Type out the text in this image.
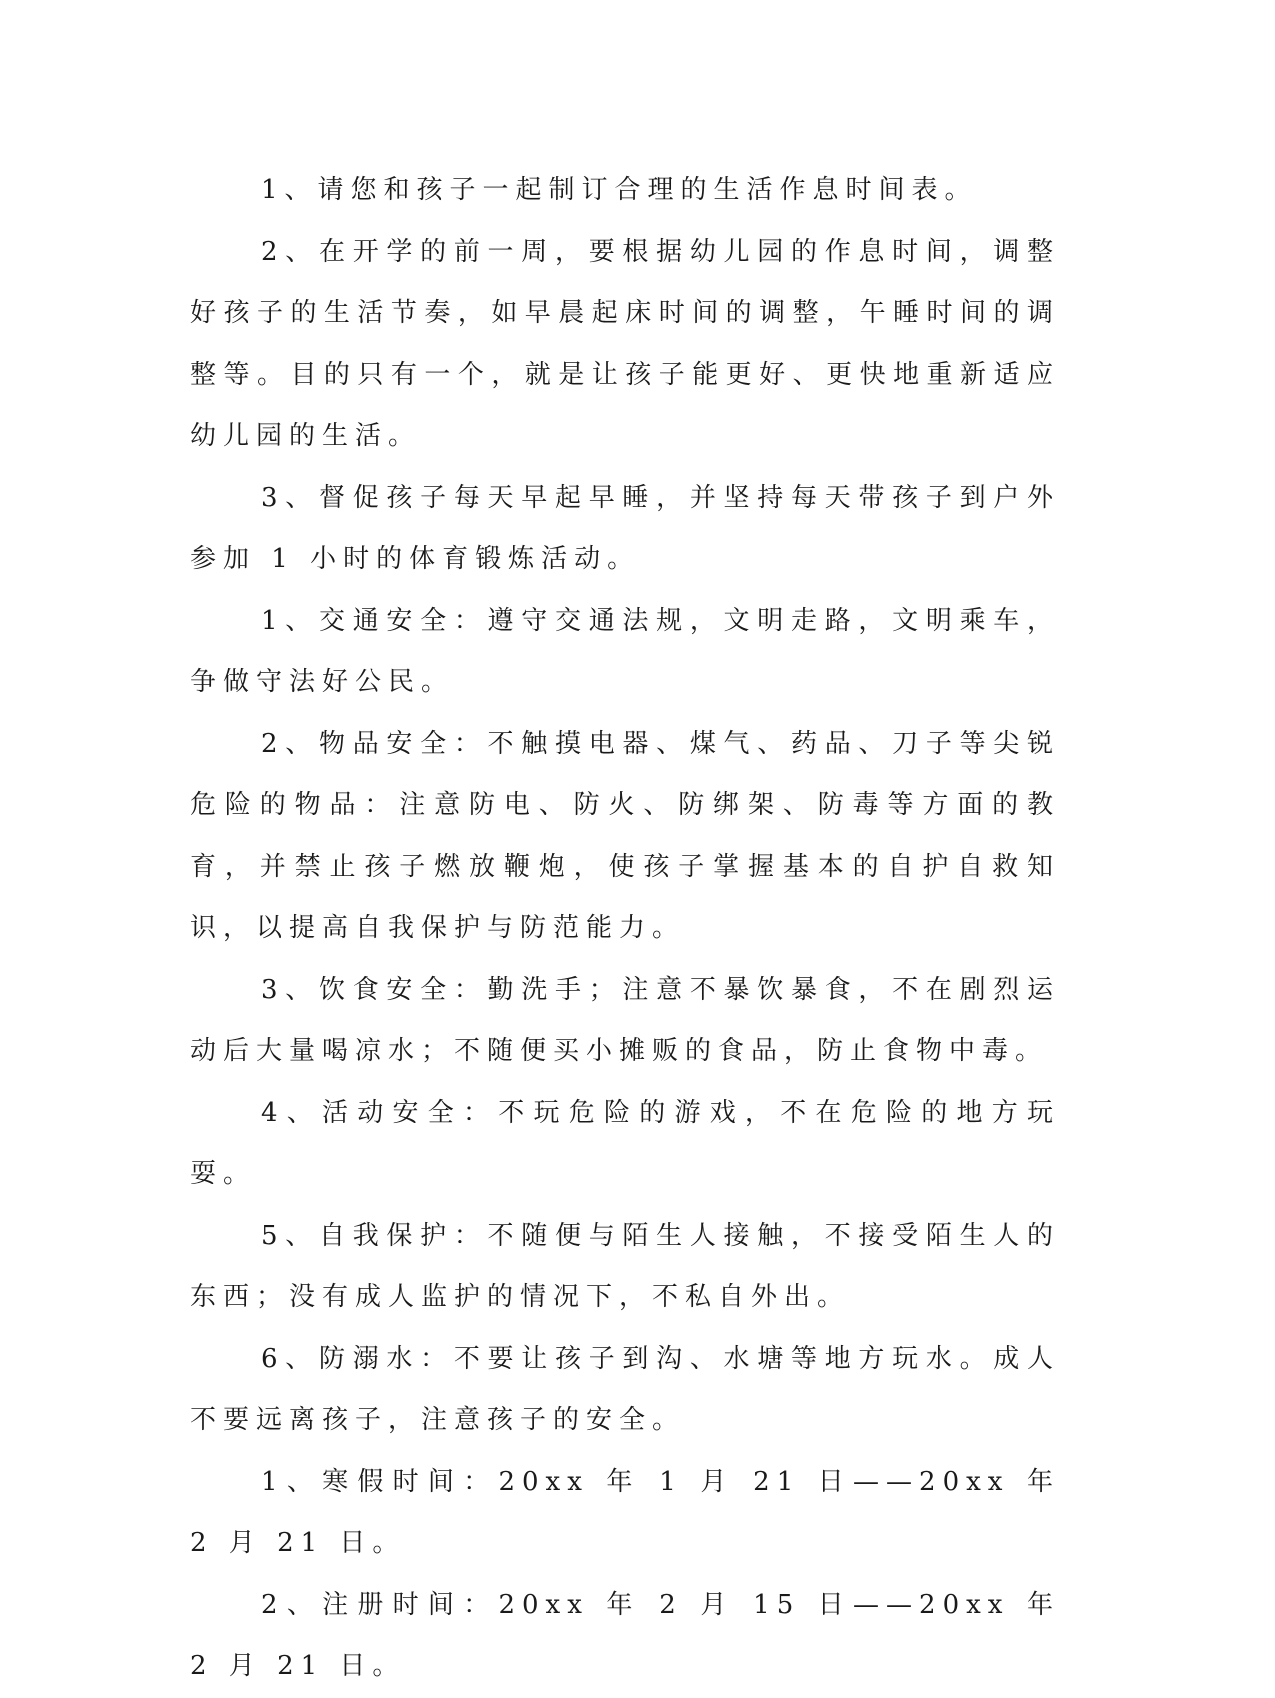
1、请您和孩子一起制订合理的生活作息时间表。

2、在开学的前一周，要根据幼儿园的作息时间，调整好孩子的生活节奏，如早晨起床时间的调整，午睡时间的调整等。目的只有一个，就是让孩子能更好、更快地重新适应幼儿园的生活。

3、督促孩子每天早起早睡，并坚持每天带孩子到户外参加 1 小时的体育锻炼活动。

1、交通安全：遵守交通法规，文明走路，文明乘车，争做守法好公民。

2、物品安全：不触摸电器、煤气、药品、刀子等尖锐危险的物品：注意防电、防火、防绑架、防毒等方面的教育，并禁止孩子燃放鞭炮，使孩子掌握基本的自护自救知识，以提高自我保护与防范能力。

3、饮食安全：勤洗手；注意不暴饮暴食，不在剧烈运动后大量喝凉水；不随便买小摊贩的食品，防止食物中毒。

4、活动安全：不玩危险的游戏，不在危险的地方玩耍。

5、自我保护：不随便与陌生人接触，不接受陌生人的东西；没有成人监护的情况下，不私自外出。

6、防溺水：不要让孩子到沟、水塘等地方玩水。成人不要远离孩子，注意孩子的安全。

1、寒假时间：20xx 年 1 月 21 日——20xx 年 2 月 21 日。

2、注册时间：20xx 年 2 月 15 日——20xx 年 2 月 21 日。
